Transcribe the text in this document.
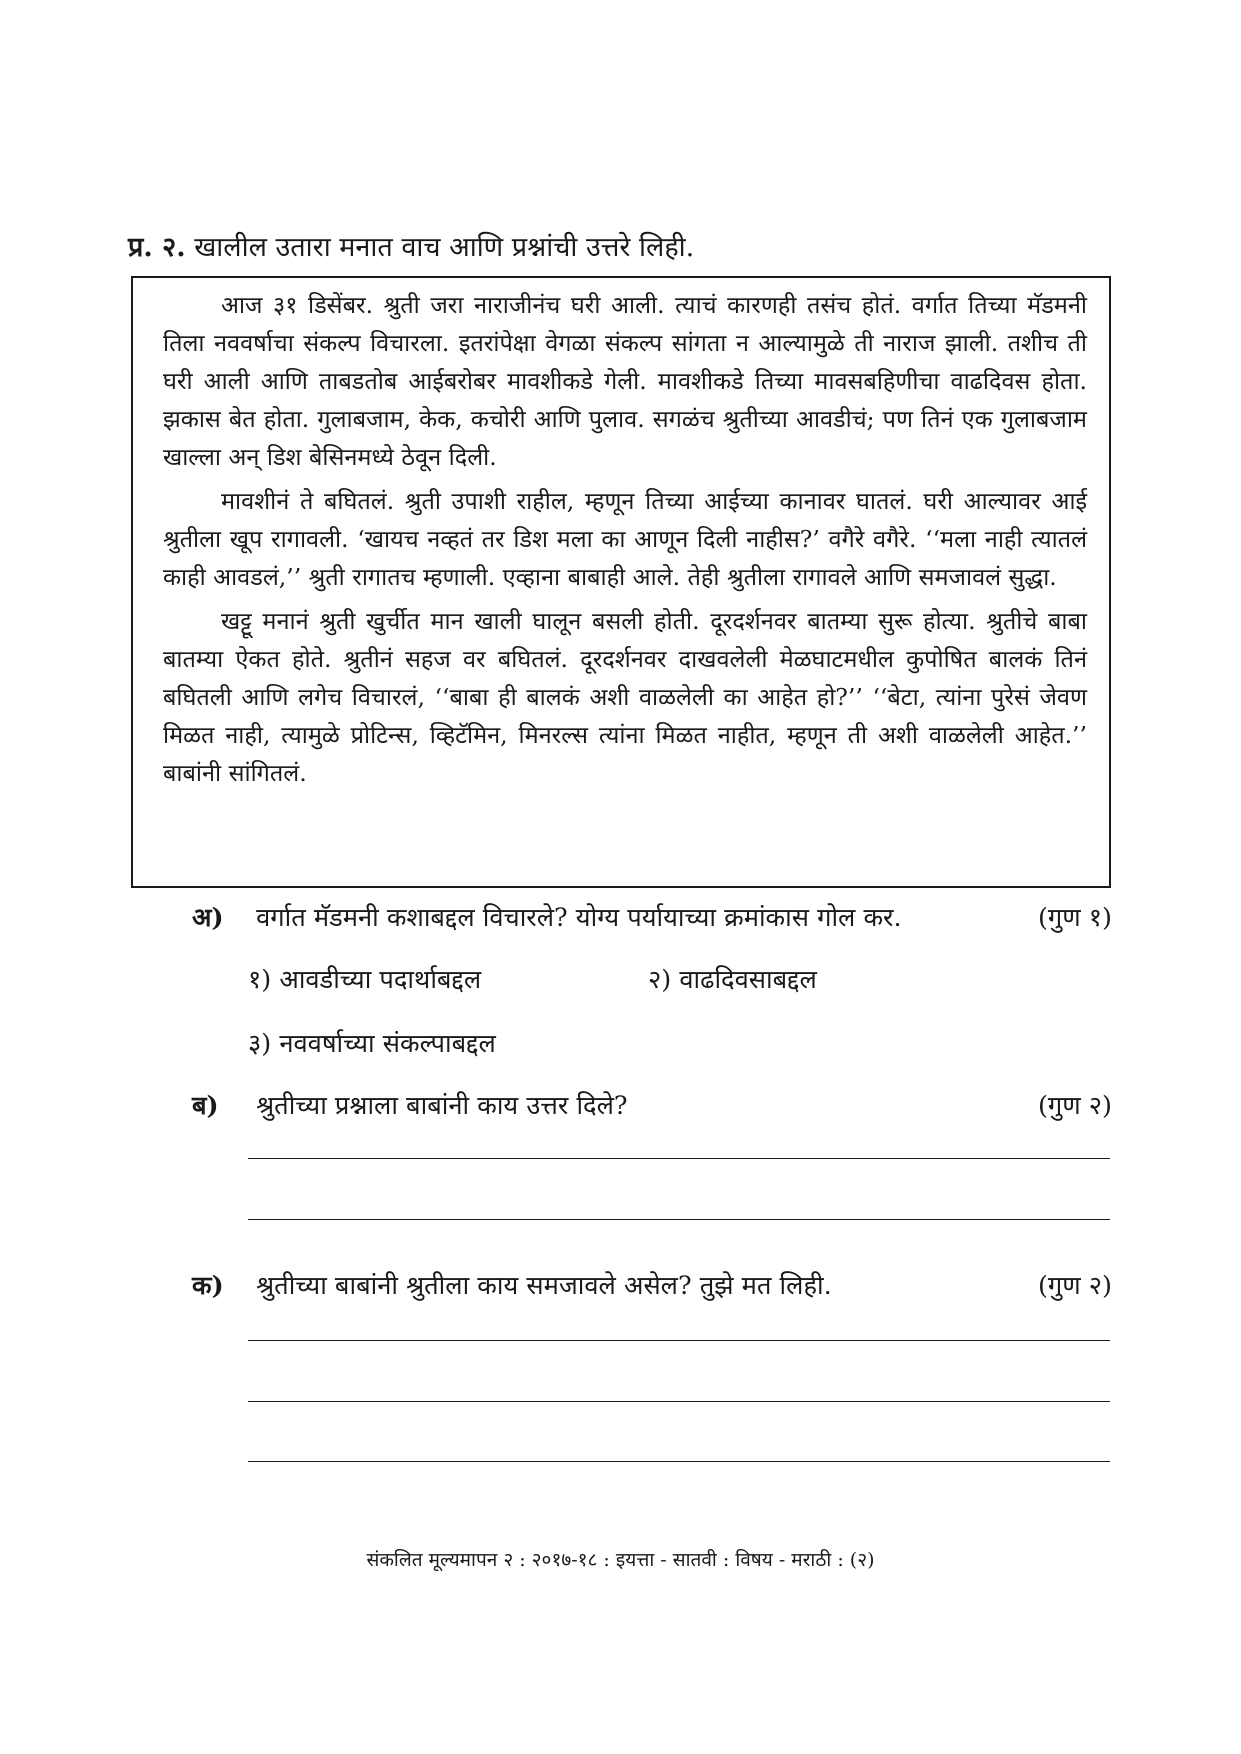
प्र. २. खालील उतारा मनात वाच आणि प्रश्नांची उत्तरे लिही.

आज ३१ डिसेंबर. श्रुती जरा नाराजीनंच घरी आली. त्याचं कारणही तसंच होतं. वर्गात तिच्या मॅडमनी तिला नववर्षाचा संकल्प विचारला. इतरांपेक्षा वेगळा संकल्प सांगता न आल्यामुळे ती नाराज झाली. तशीच ती घरी आली आणि ताबडतोब आईबरोबर मावशीकडे गेली. मावशीकडे तिच्या मावसबहिणीचा वाढदिवस होता. झकास बेत होता. गुलाबजाम, केक, कचोरी आणि पुलाव. सगळंच श्रुतीच्या आवडीचं; पण तिनं एक गुलाबजाम खाल्ला अन् डिश बेसिनमध्ये ठेवून दिली.

मावशीनं ते बघितलं. श्रुती उपाशी राहील, म्हणून तिच्या आईच्या कानावर घातलं. घरी आल्यावर आई श्रुतीला खूप रागावली. ‘खायच नव्हतं तर डिश मला का आणून दिली नाहीस?’ वगैरे वगैरे. ‘‘मला नाही त्यातलं काही आवडलं,’’ श्रुती रागातच म्हणाली. एव्हाना बाबाही आले. तेही श्रुतीला रागावले आणि समजावलं सुद्धा.

खट्टू मनानं श्रुती खुर्चीत मान खाली घालून बसली होती. दूरदर्शनवर बातम्या सुरू होत्या. श्रुतीचे बाबा बातम्या ऐकत होते. श्रुतीनं सहज वर बघितलं. दूरदर्शनवर दाखवलेली मेळघाटमधील कुपोषित बालकं तिनं बघितली आणि लगेच विचारलं, ‘‘बाबा ही बालकं अशी वाळलेली का आहेत हो?’’ ‘‘बेटा, त्यांना पुरेसं जेवण मिळत नाही, त्यामुळे प्रोटिन्स, व्हिटॅमिन, मिनरल्स त्यांना मिळत नाहीत, म्हणून ती अशी वाळलेली आहेत.’’ बाबांनी सांगितलं.

अ) वर्गात मॅडमनी कशाबद्दल विचारले? योग्य पर्यायाच्या क्रमांकास गोल कर.	(गुण १)
१) आवडीच्या पदार्थाबद्दल	२) वाढदिवसाबद्दल
३) नववर्षाच्या संकल्पाबद्दल
ब) श्रुतीच्या प्रश्नाला बाबांनी काय उत्तर दिले?	(गुण २)
क) श्रुतीच्या बाबांनी श्रुतीला काय समजावले असेल? तुझे मत लिही.	(गुण २)
संकलित मूल्यमापन २ : २०१७-१८ : इयत्ता - सातवी : विषय - मराठी : (२)
